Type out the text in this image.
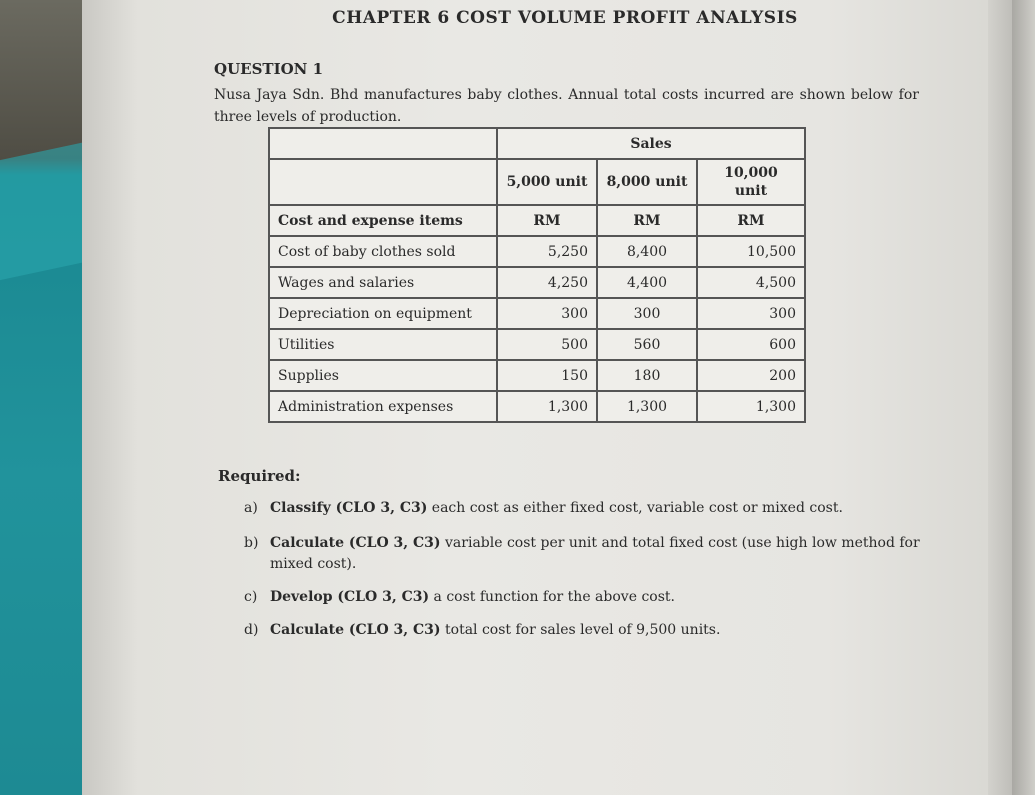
CHAPTER 6 COST VOLUME PROFIT ANALYSIS
QUESTION 1
Nusa Jaya Sdn. Bhd manufactures baby clothes. Annual total costs incurred are shown below for three levels of production.
	Sales		
	5,000 unit	8,000 unit	10,000 unit
Cost and expense items	RM	RM	RM
Cost of baby clothes sold	5,250	8,400	10,500
Wages and salaries	4,250	4,400	4,500
Depreciation on equipment	300	300	300
Utilities	500	560	600
Supplies	150	180	200
Administration expenses	1,300	1,300	1,300
Required:
a) Classify (CLO 3, C3) each cost as either fixed cost, variable cost or mixed cost.
b) Calculate (CLO 3, C3) variable cost per unit and total fixed cost (use high low method for mixed cost).
c) Develop (CLO 3, C3) a cost function for the above cost.
d) Calculate (CLO 3, C3) total cost for sales level of 9,500 units.
